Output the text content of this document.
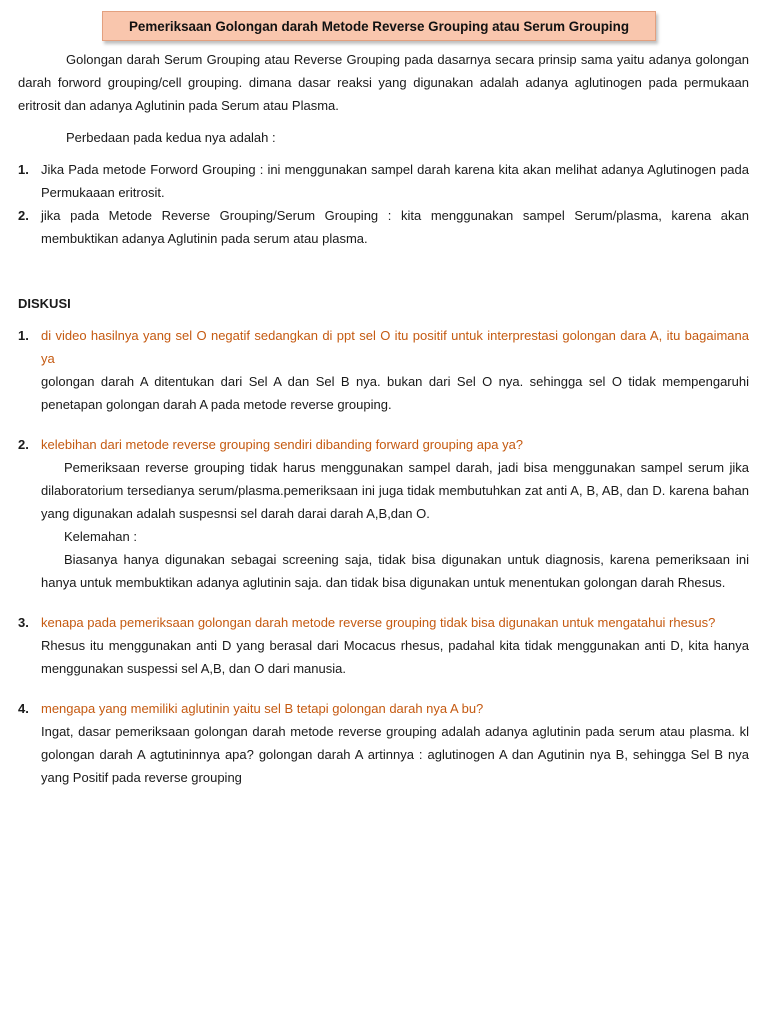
Pemeriksaan Golongan darah Metode Reverse Grouping atau Serum Grouping

Golongan darah Serum Grouping atau Reverse Grouping pada dasarnya secara prinsip sama yaitu adanya golongan darah forword grouping/cell grouping. dimana dasar reaksi yang digunakan adalah adanya aglutinogen pada permukaan eritrosit dan adanya Aglutinin pada Serum atau Plasma.

Perbedaan pada kedua nya adalah :

1. Jika Pada metode Forword Grouping : ini menggunakan sampel darah karena kita akan melihat adanya Aglutinogen pada Permukaaan eritrosit.

2. jika pada Metode Reverse Grouping/Serum Grouping : kita menggunakan sampel Serum/plasma, karena akan membuktikan adanya Aglutinin pada serum atau plasma.

DISKUSI

1. di video hasilnya yang sel O negatif sedangkan di ppt sel O itu positif untuk interprestasi golongan dara A, itu bagaimana ya

golongan darah A ditentukan dari Sel A dan Sel B nya. bukan dari Sel O nya. sehingga sel O tidak mempengaruhi penetapan golongan darah A pada metode reverse grouping.

2. kelebihan dari metode reverse grouping sendiri dibanding forward grouping apa ya?

Pemeriksaan reverse grouping tidak harus menggunakan sampel darah, jadi bisa menggunakan sampel serum jika dilaboratorium tersedianya serum/plasma.pemeriksaan ini juga tidak membutuhkan zat anti A, B, AB, dan D. karena bahan yang digunakan adalah suspesnsi sel darah darai darah A,B,dan O.

Kelemahan :

Biasanya hanya digunakan sebagai screening saja, tidak bisa digunakan untuk diagnosis, karena pemeriksaan ini hanya untuk membuktikan adanya aglutinin saja. dan tidak bisa digunakan untuk menentukan golongan darah Rhesus.

3. kenapa pada pemeriksaan golongan darah metode reverse grouping tidak bisa digunakan untuk mengatahui rhesus?

Rhesus itu menggunakan anti D yang berasal dari Mocacus rhesus, padahal kita tidak menggunakan anti D, kita hanya menggunakan suspessi sel A,B, dan O dari manusia.

4. mengapa yang memiliki aglutinin yaitu sel B tetapi golongan darah nya A bu?

Ingat, dasar pemeriksaan golongan darah metode reverse grouping adalah adanya aglutinin pada serum atau plasma. kl golongan darah A agtutininnya apa? golongan darah A artinnya : aglutinogen A dan Agutinin nya B, sehingga Sel B nya yang Positif pada reverse grouping
